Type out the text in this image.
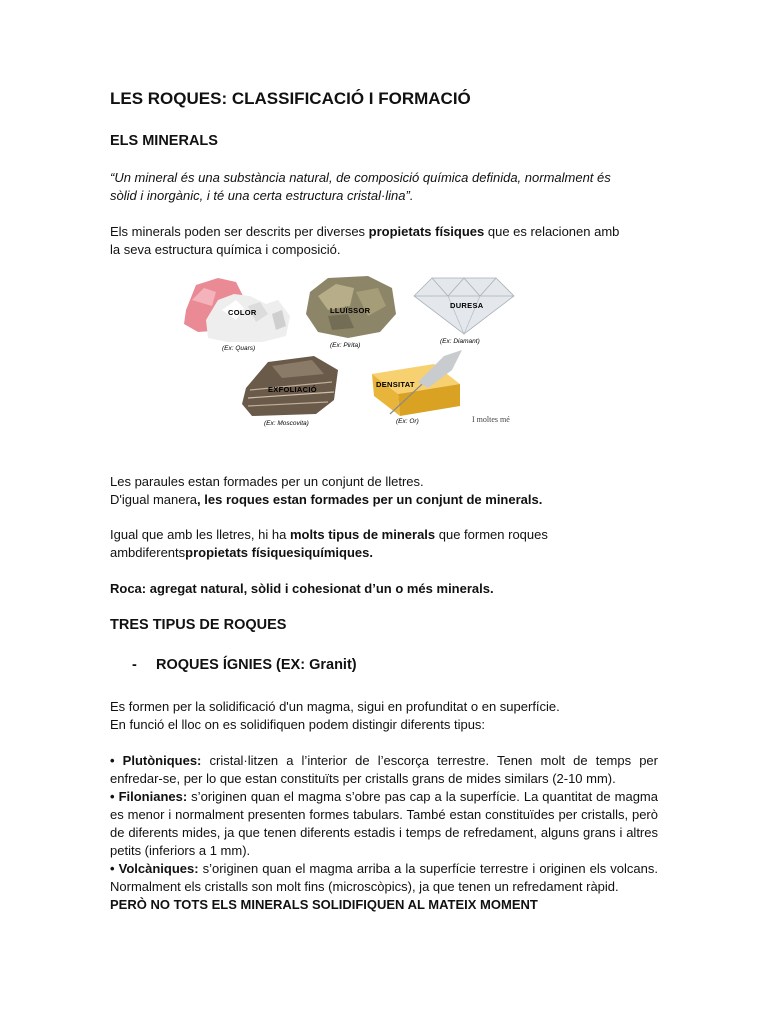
LES ROQUES: CLASSIFICACIÓ I FORMACIÓ
ELS MINERALS
“Un mineral és una substància natural, de composició química definida, normalment és
sòlid i inorgànic, i té una certa estructura cristal·lina”.
Els minerals poden ser descrits per diverses propietats físiques que es relacionen amb
la seva estructura química i composició.
COLOR
(Ex: Quars)
LLUÏSSOR
(Ex: Pirita)
DURESA
(Ex: Diamant)
EXFOLIACIÓ
(Ex: Moscovita)
DENSITAT
(Ex: Or)	I moltes mé
Les paraules estan formades per un conjunt de lletres.
D'igual manera, les roques estan formades per un conjunt de minerals.
Igual que amb les lletres, hi ha molts tipus de minerals que formen roques
ambdiferentspropietats físiquesiquímiques.
Roca: agregat natural, sòlid i cohesionat d’un o més minerals.
TRES TIPUS DE ROQUES
- ROQUES ÍGNIES (EX: Granit)
Es formen per la solidificació d'un magma, sigui en profunditat o en superfície.
En funció el lloc on es solidifiquen podem distingir diferents tipus:
• Plutòniques: cristal·litzen a l’interior de l’escorça terrestre. Tenen molt de temps per enfredar-se, per lo que estan constituïts per cristalls grans de mides similars (2-10 mm).
• Filonianes: s’originen quan el magma s’obre pas cap a la superfície. La quantitat de magma es menor i normalment presenten formes tabulars. També estan constituïdes per cristalls, però de diferents mides, ja que tenen diferents estadis i temps de refredament, alguns grans i altres petits (inferiors a 1 mm).
• Volcàniques: s’originen quan el magma arriba a la superfície terrestre i originen els volcans. Normalment els cristalls son molt fins (microscòpics), ja que tenen un refredament ràpid.
PERÒ NO TOTS ELS MINERALS SOLIDIFIQUEN AL MATEIX MOMENT
